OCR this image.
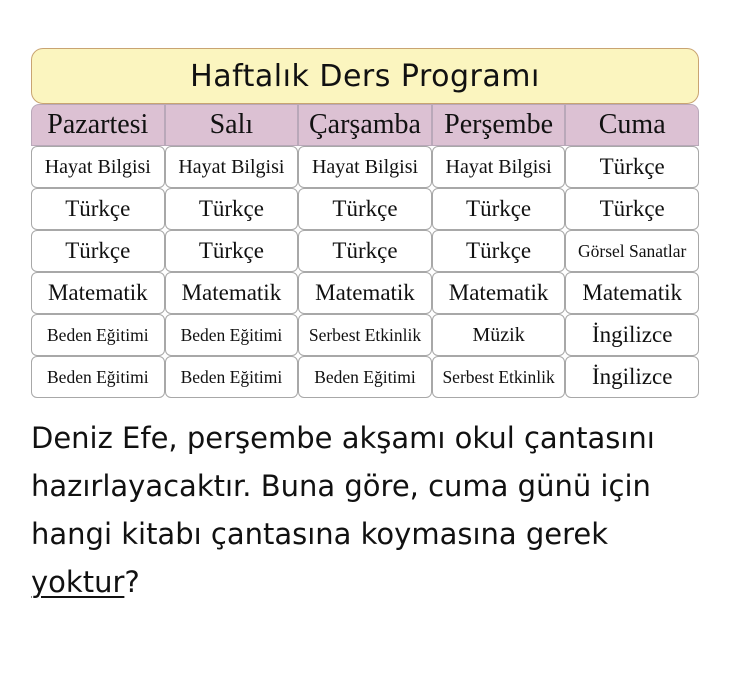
Haftalık Ders Programı
Pazartesi	Salı	Çarşamba Perşembe	Cuma
Hayat Bilgisi	Hayat Bilgisi	Hayat Bilgisi	Hayat Bilgisi	Türkçe
Türkçe	Türkçe	Türkçe	Türkçe	Türkçe
Türkçe	Türkçe	Türkçe	Türkçe	Görsel Sanatlar
Matematik	Matematik	Matematik	Matematik	Matematik
Beden Eğitimi	Beden Eğitimi	Serbest Etkinlik	Müzik	İngilizce
Beden Eğitimi	Beden Eğitimi	Beden Eğitimi	Serbest Etkinlik	İngilizce
Deniz Efe, perşembe akşamı okul çantasını
hazırlayacaktır. Buna göre, cuma günü için
hangi kitabı çantasına koymasına gerek
yoktur?
